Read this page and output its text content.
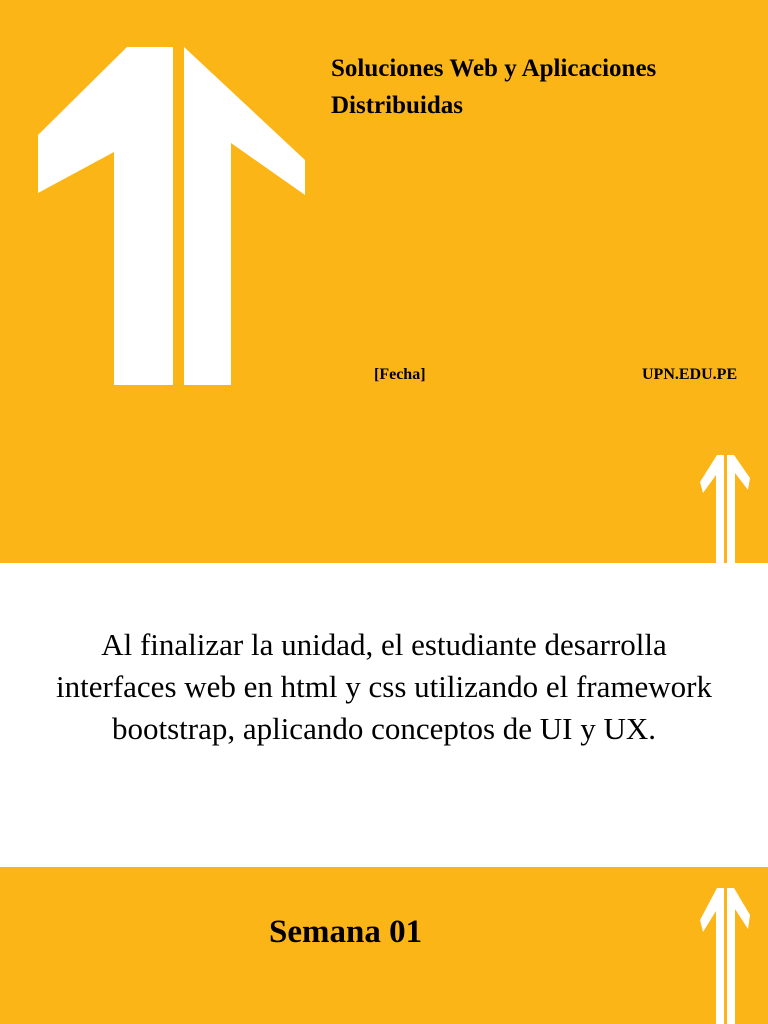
Soluciones Web y Aplicaciones Distribuidas
[Fecha]	UPN.EDU.PE

Al finalizar la unidad, el estudiante desarrolla interfaces web en html y css utilizando el framework bootstrap, aplicando conceptos de UI y UX.

Semana 01
